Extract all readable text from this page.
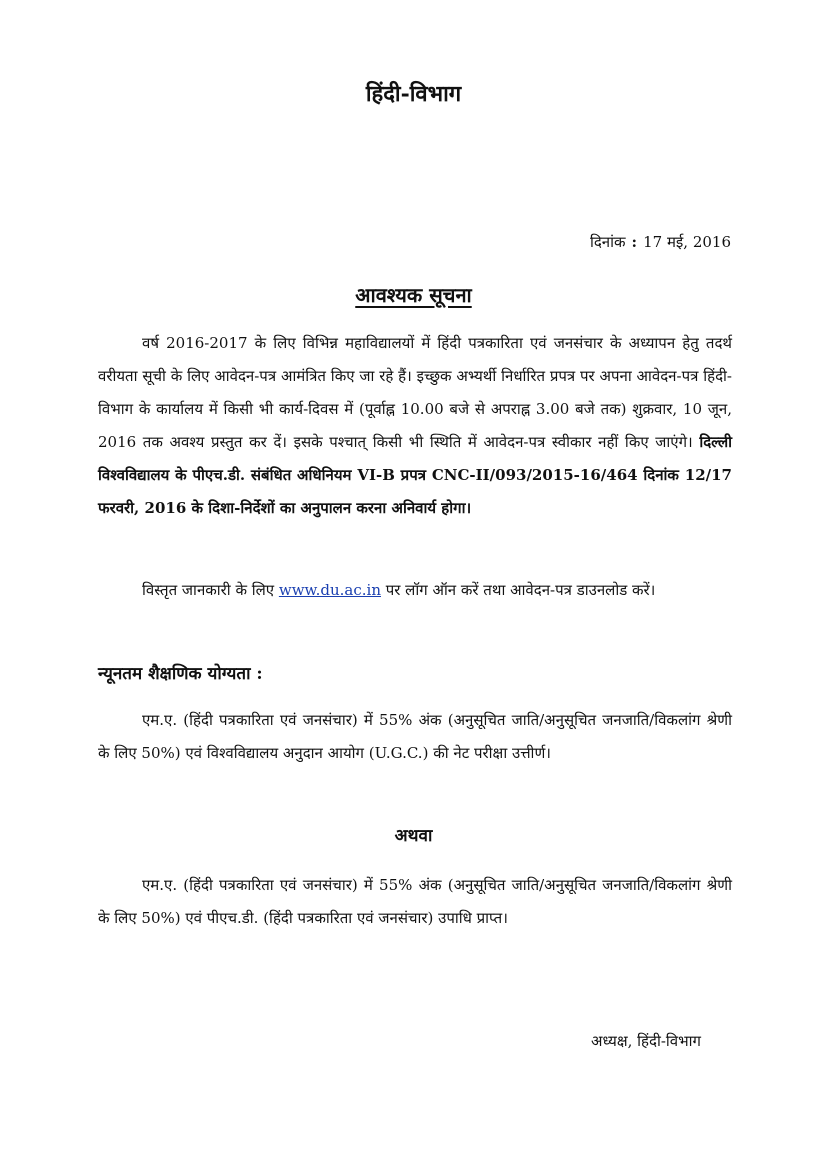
हिंदी-विभाग
दिनांक : 17 मई, 2016
आवश्यक सूचना
वर्ष 2016-2017 के लिए विभिन्न महाविद्यालयों में हिंदी पत्रकारिता एवं जनसंचार के अध्यापन हेतु तदर्थ वरीयता सूची के लिए आवेदन-पत्र आमंत्रित किए जा रहे हैं। इच्छुक अभ्यर्थी निर्धारित प्रपत्र पर अपना आवेदन-पत्र हिंदी-विभाग के कार्यालय में किसी भी कार्य-दिवस में (पूर्वाह्न 10.00 बजे से अपराह्न 3.00 बजे तक) शुक्रवार, 10 जून, 2016 तक अवश्य प्रस्तुत कर दें। इसके पश्चात् किसी भी स्थिति में आवेदन-पत्र स्वीकार नहीं किए जाएंगे। दिल्ली विश्वविद्यालय के पीएच.डी. संबंधित अधिनियम VI-B प्रपत्र CNC-II/093/2015-16/464 दिनांक 12/17 फरवरी, 2016 के दिशा-निर्देशों का अनुपालन करना अनिवार्य होगा।
विस्तृत जानकारी के लिए www.du.ac.in पर लॉग ऑन करें तथा आवेदन-पत्र डाउनलोड करें।
न्यूनतम शैक्षणिक योग्यता :
एम.ए. (हिंदी पत्रकारिता एवं जनसंचार) में 55% अंक (अनुसूचित जाति/अनुसूचित जनजाति/विकलांग श्रेणी के लिए 50%) एवं विश्वविद्यालय अनुदान आयोग (U.G.C.) की नेट परीक्षा उत्तीर्ण।
अथवा
एम.ए. (हिंदी पत्रकारिता एवं जनसंचार) में 55% अंक (अनुसूचित जाति/अनुसूचित जनजाति/विकलांग श्रेणी के लिए 50%) एवं पीएच.डी. (हिंदी पत्रकारिता एवं जनसंचार) उपाधि प्राप्त।
अध्यक्ष, हिंदी-विभाग
